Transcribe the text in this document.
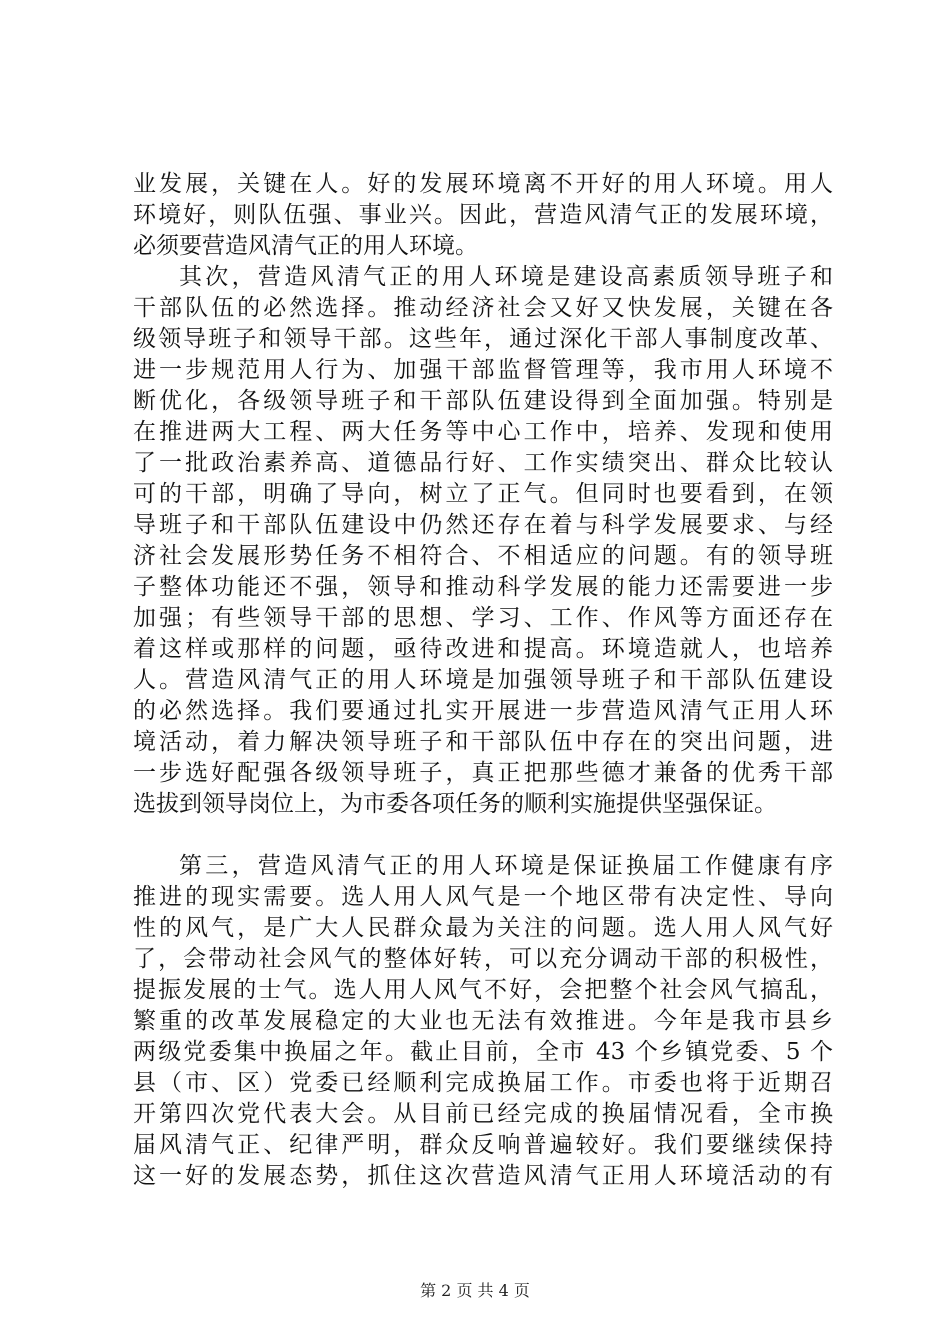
业发展，关键在人。好的发展环境离不开好的用人环境。用人
环境好，则队伍强、事业兴。因此，营造风清气正的发展环境，
必须要营造风清气正的用人环境。
其次，营造风清气正的用人环境是建设高素质领导班子和
干部队伍的必然选择。推动经济社会又好又快发展，关键在各
级领导班子和领导干部。这些年，通过深化干部人事制度改革、
进一步规范用人行为、加强干部监督管理等，我市用人环境不
断优化，各级领导班子和干部队伍建设得到全面加强。特别是
在推进两大工程、两大任务等中心工作中，培养、发现和使用
了一批政治素养高、道德品行好、工作实绩突出、群众比较认
可的干部，明确了导向，树立了正气。但同时也要看到，在领
导班子和干部队伍建设中仍然还存在着与科学发展要求、与经
济社会发展形势任务不相符合、不相适应的问题。有的领导班
子整体功能还不强，领导和推动科学发展的能力还需要进一步
加强；有些领导干部的思想、学习、工作、作风等方面还存在
着这样或那样的问题，亟待改进和提高。环境造就人，也培养
人。营造风清气正的用人环境是加强领导班子和干部队伍建设
的必然选择。我们要通过扎实开展进一步营造风清气正用人环
境活动，着力解决领导班子和干部队伍中存在的突出问题，进
一步选好配强各级领导班子，真正把那些德才兼备的优秀干部
选拔到领导岗位上，为市委各项任务的顺利实施提供坚强保证。
第三，营造风清气正的用人环境是保证换届工作健康有序
推进的现实需要。选人用人风气是一个地区带有决定性、导向
性的风气，是广大人民群众最为关注的问题。选人用人风气好
了，会带动社会风气的整体好转，可以充分调动干部的积极性，
提振发展的士气。选人用人风气不好，会把整个社会风气搞乱，
繁重的改革发展稳定的大业也无法有效推进。今年是我市县乡
两级党委集中换届之年。截止目前，全市 43 个乡镇党委、5 个
县（市、区）党委已经顺利完成换届工作。市委也将于近期召
开第四次党代表大会。从目前已经完成的换届情况看，全市换
届风清气正、纪律严明，群众反响普遍较好。我们要继续保持
这一好的发展态势，抓住这次营造风清气正用人环境活动的有
第 2 页 共 4 页
